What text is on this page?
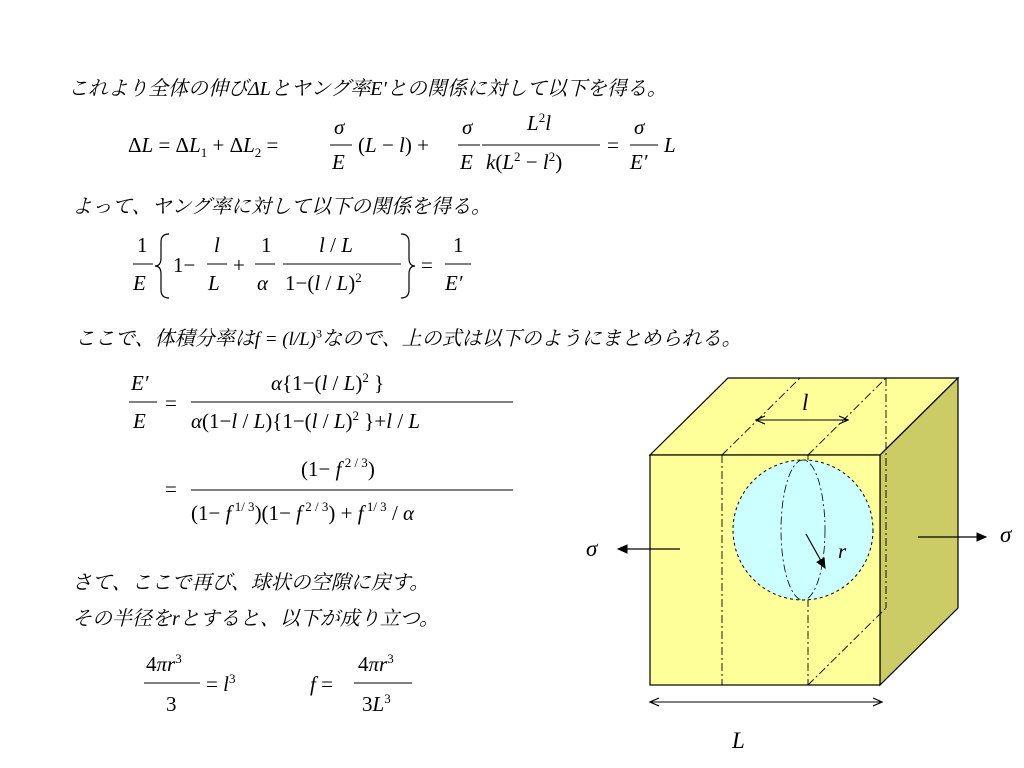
これより全体の伸びΔLとヤング率E′との関係に対して以下を得る。
$\Delta L = \Delta L_1 + \Delta L_2$ =
σ
E
(L − l) +
σ
E
$L^2l$
$k(L^2 - l^2)$
=
σ
E′
L
よって、ヤング率に対して以下の関係を得る。
1
E
1−
l
L
+
1
α
l / L
1−(l / L)$^2$
=
1
E′
ここで、体積分率は$f = (l/L)^3$なので、上の式は以下のようにまとめられる。
E′
E
=
α{1−(l / L)$^2$ }
α(1−l / L){1−(l / L)$^2$ }+l / L
=
(1− f $^{2 / 3}$)
(1− f $^{1/ 3}$)(1− f $^{2 / 3}$) + f $^{1/ 3}$ / α
さて、ここで再び、球状の空隙に戻す。
その半径をrとすると、以下が成り立つ。
$4\pi r^3$
3
= $l^3$	f =
$4\pi r^3$
$3L^3$
r
l
σ
σ
L
